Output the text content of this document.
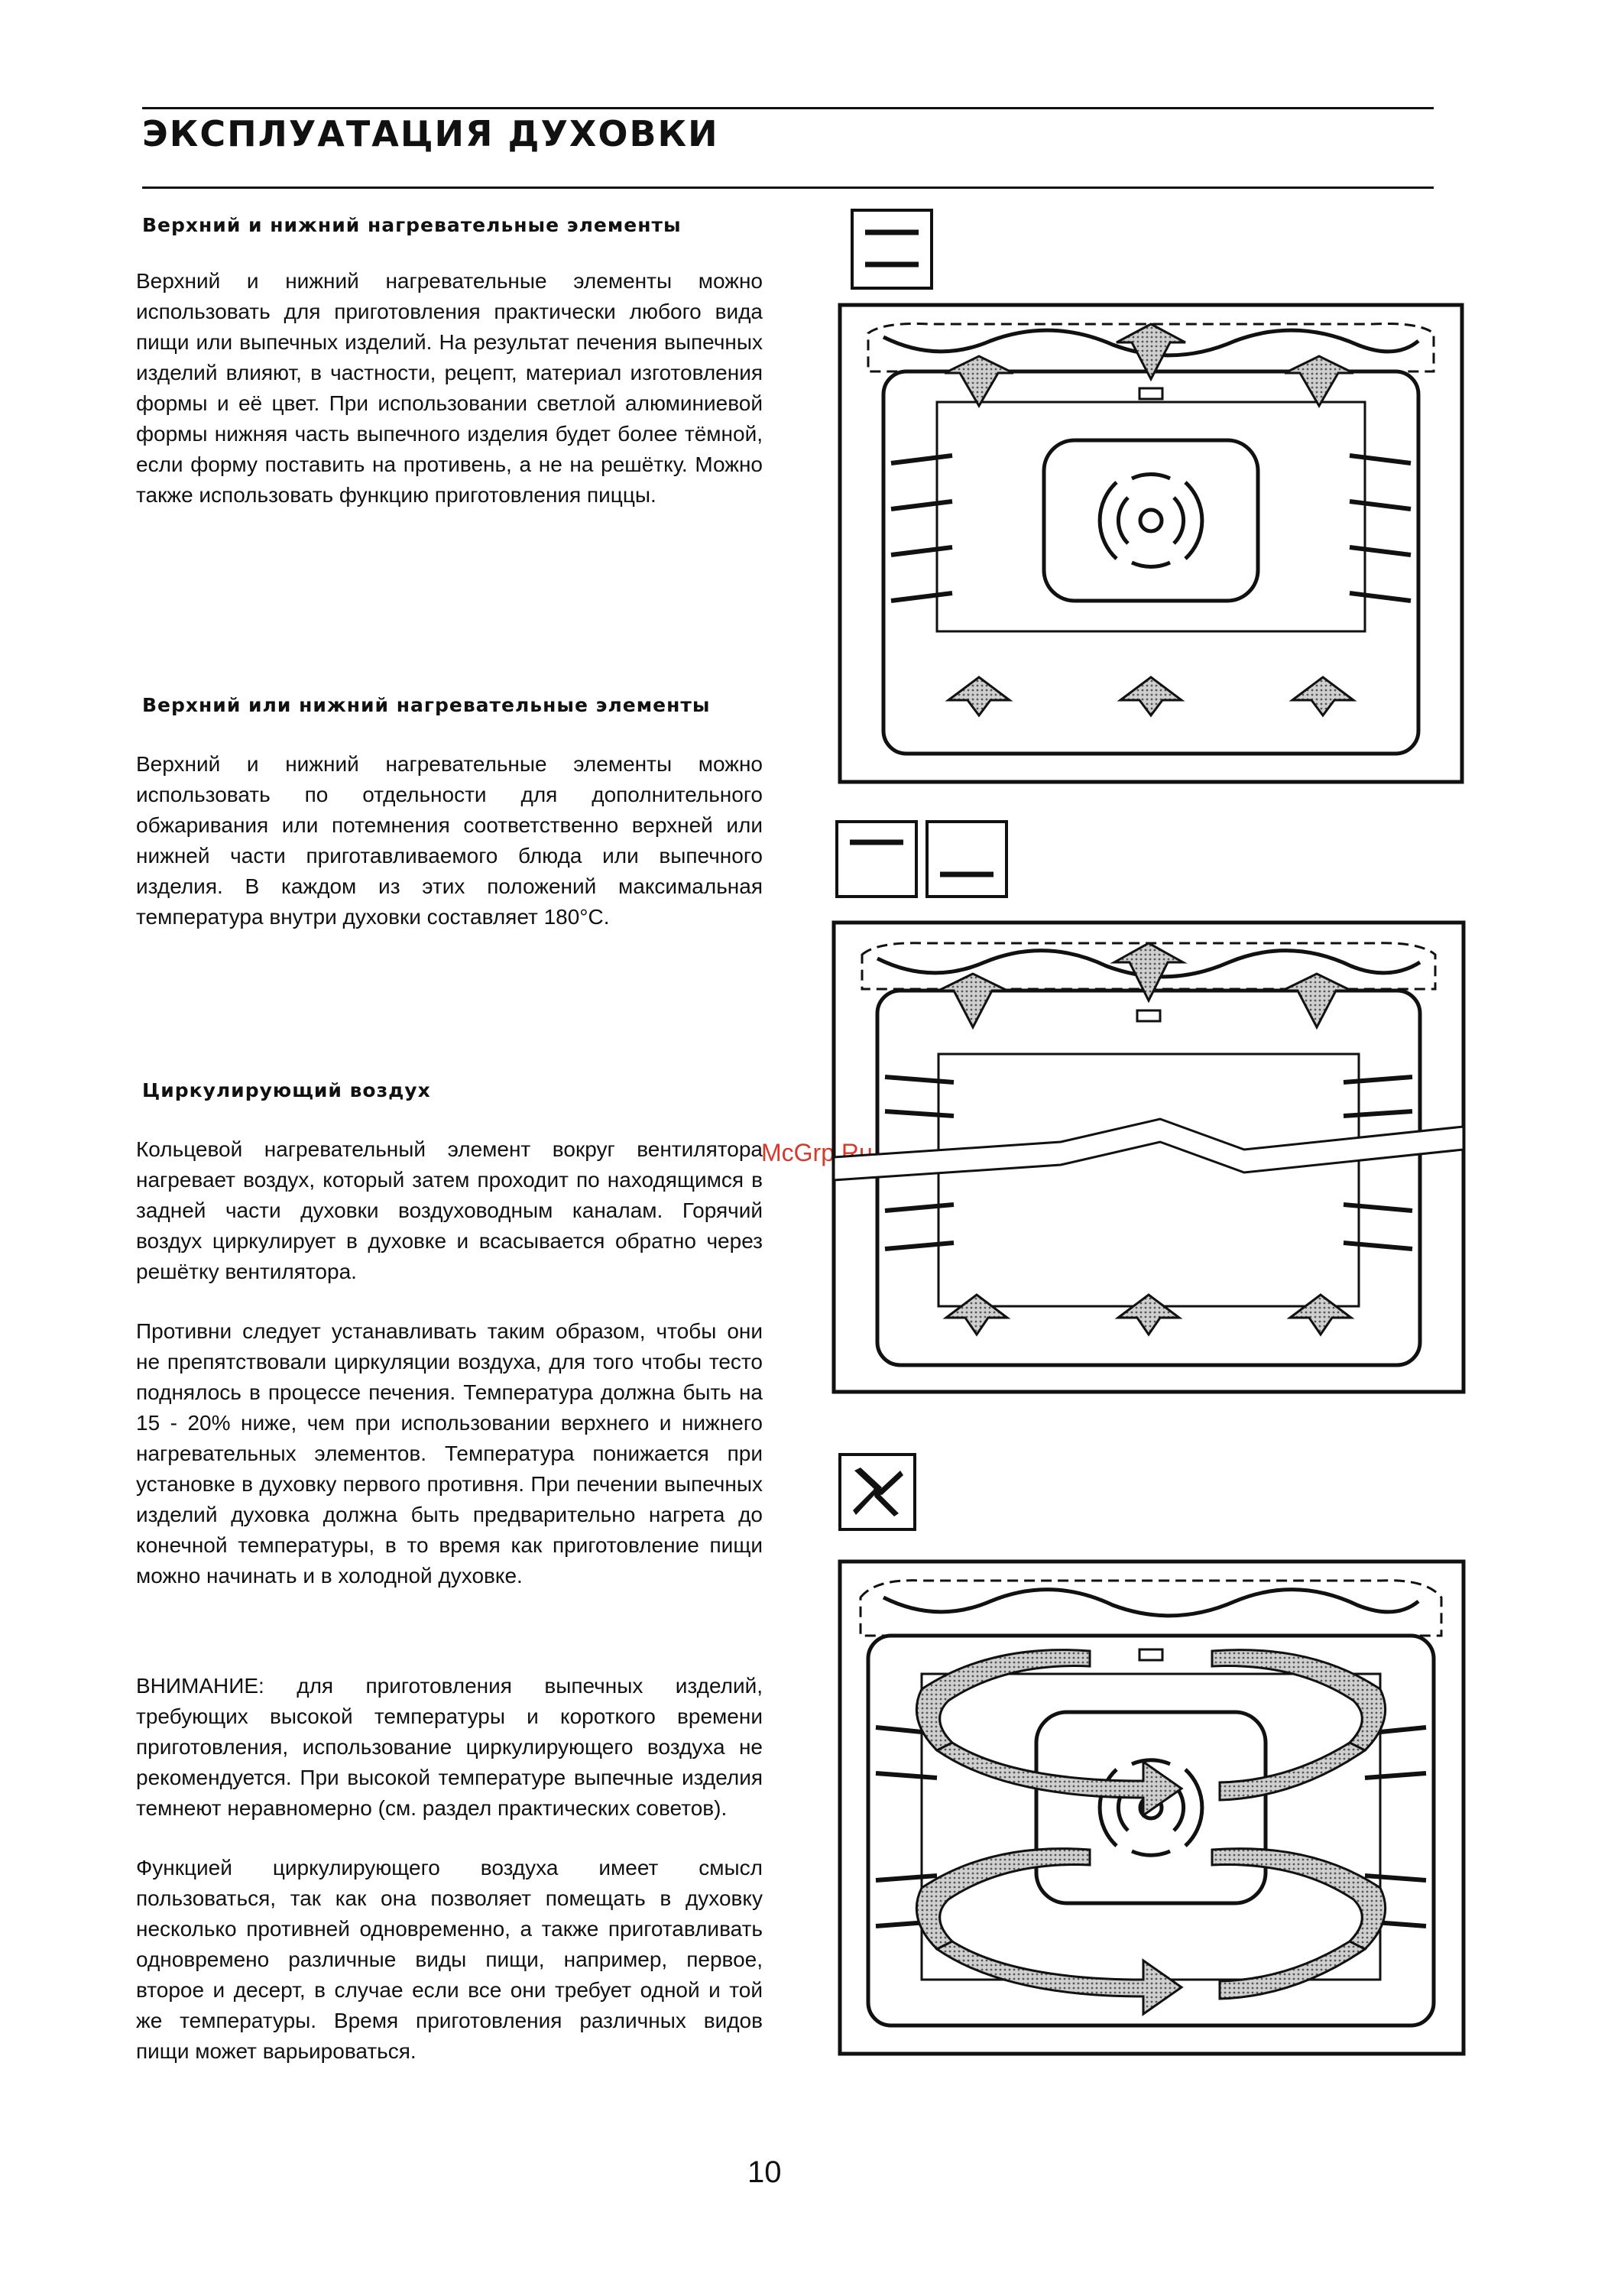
ЭКСПЛУАТАЦИЯ ДУХОВКИ
Верхний и нижний нагревательные элементы

Верхний и нижний нагревательные элементы можно использовать для приготовления практически любого вида пищи или выпечных изделий. На результат печения выпечных изделий влияют, в частности, рецепт, материал изготовления формы и её цвет. При использовании светлой алюминиевой формы нижняя часть выпечного изделия будет более тёмной, если форму поставить на противень, а не на решётку. Можно также использовать функцию приготовления пиццы.

Верхний или нижний нагревательные элементы

Верхний и нижний нагревательные элементы можно использовать по отдельности для дополнительного обжаривания или потемнения соответственно верхней или нижней части приготавливаемого блюда или выпечного изделия. В каждом из этих положений максимальная температура внутри духовки составляет 180°C.

Циркулирующий воздух

Кольцевой нагревательный элемент вокруг вентилятора нагревает воздух, который затем проходит по находящимся в задней части духовки воздуховодным каналам. Горячий воздух циркулирует в духовке и всасывается обратно через решётку вентилятора.

Противни следует устанавливать таким образом, чтобы они не препятствовали циркуляции воздуха, для того чтобы тесто поднялось в процессе печения. Температура должна быть на 15 - 20% ниже, чем при использовании верхнего и нижнего нагревательных элементов. Температура понижается при установке в духовку первого противня. При печении выпечных изделий духовка должна быть предварительно нагрета до конечной температуры, в то время как приготовление пищи можно начинать и в холодной духовке.

ВНИМАНИЕ: для приготовления выпечных изделий, требующих высокой температуры и короткого времени приготовления, использование циркулирующего воздуха не рекомендуется. При высокой температуре выпечные изделия темнеют неравномерно (см. раздел практических советов).

Функцией циркулирующего воздуха имеет смысл пользоваться, так как она позволяет помещать в духовку несколько противней одновременно, а также приготавливать одновремено различные виды пищи, например, первое, второе и десерт, в случае если все они требует одной и той же температуры. Время приготовления различных видов пищи может варьироваться.

McGrp.Ru
10
